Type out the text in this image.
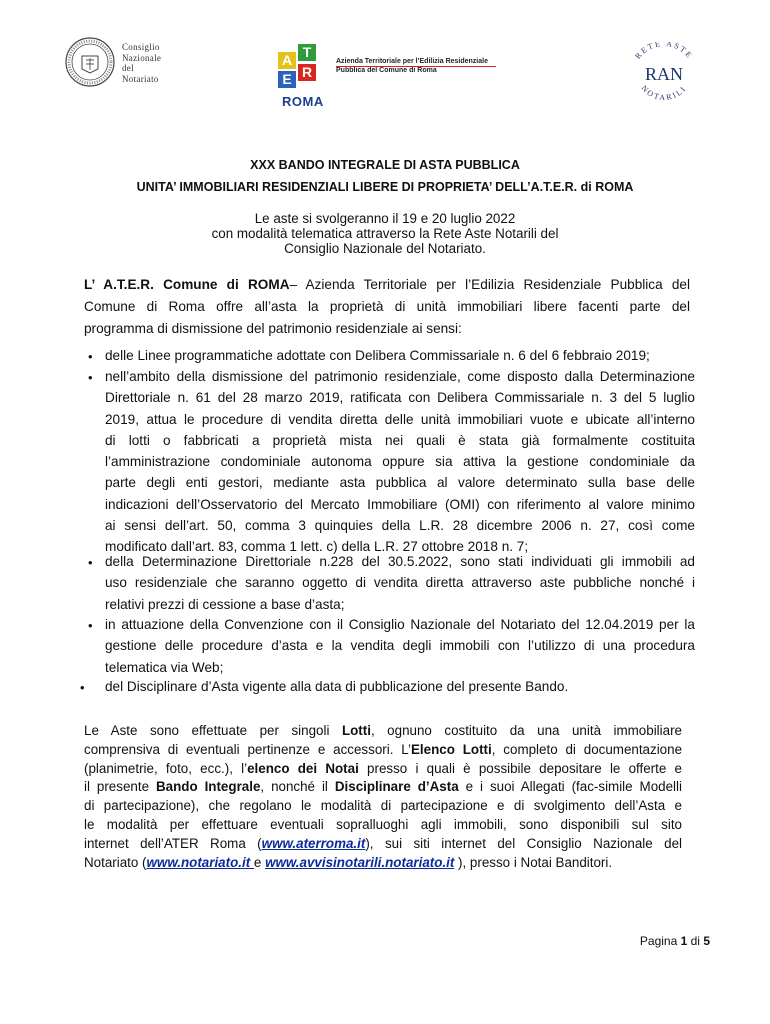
Consiglio
Nazionale
del
Notariato
A T
E R
Azienda Territoriale per l’Edilizia Residenziale
Pubblica del Comune di Roma
ROMA
RETE ASTE
RAN
NOTARILI
XXX BANDO INTEGRALE DI ASTA PUBBLICA
UNITA’ IMMOBILIARI RESIDENZIALI LIBERE DI PROPRIETA’ DELL’A.T.E.R. di ROMA
Le aste si svolgeranno il 19 e 20 luglio 2022
con modalità telematica attraverso la Rete Aste Notarili del
Consiglio Nazionale del Notariato.
L’ A.T.E.R. Comune di ROMA– Azienda Territoriale per l’Edilizia Residenziale Pubblica del
Comune di Roma offre all’asta la proprietà di unità immobiliari libere facenti parte del
programma di dismissione del patrimonio residenziale ai sensi:
• delle Linee programmatiche adottate con Delibera Commissariale n. 6 del 6 febbraio 2019;
• nell’ambito della dismissione del patrimonio residenziale, come disposto dalla Determinazione
Direttoriale n. 61 del 28 marzo 2019, ratificata con Delibera Commissariale n. 3 del 5 luglio
2019, attua le procedure di vendita diretta delle unità immobiliari vuote e ubicate all’interno
di lotti o fabbricati a proprietà mista nei quali è stata già formalmente costituita
l’amministrazione condominiale autonoma oppure sia attiva la gestione condominiale da
parte degli enti gestori, mediante asta pubblica al valore determinato sulla base delle
indicazioni dell’Osservatorio del Mercato Immobiliare (OMI) con riferimento al valore minimo
ai sensi dell’art. 50, comma 3 quinquies della L.R. 28 dicembre 2006 n. 27, così come
modificato dall’art. 83, comma 1 lett. c) della L.R. 27 ottobre 2018 n. 7;
• della Determinazione Direttoriale n.228 del 30.5.2022, sono stati individuati gli immobili ad
uso residenziale che saranno oggetto di vendita diretta attraverso aste pubbliche nonché i
relativi prezzi di cessione a base d’asta;
• in attuazione della Convenzione con il Consiglio Nazionale del Notariato del 12.04.2019 per la
gestione delle procedure d’asta e la vendita degli immobili con l’utilizzo di una procedura
telematica via Web;
• del Disciplinare d’Asta vigente alla data di pubblicazione del presente Bando.
Le Aste sono effettuate per singoli Lotti, ognuno costituito da una unità immobiliare
comprensiva di eventuali pertinenze e accessori. L’Elenco Lotti, completo di documentazione
(planimetrie, foto, ecc.), l’elenco dei Notai presso i quali è possibile depositare le offerte e
il presente Bando Integrale, nonché il Disciplinare d’Asta e i suoi Allegati (fac-simile Modelli
di partecipazione), che regolano le modalità di partecipazione e di svolgimento dell’Asta e
le modalità per effettuare eventuali sopralluoghi agli immobili, sono disponibili sul sito
internet dell’ATER Roma (www.aterroma.it), sui siti internet del Consiglio Nazionale del
Notariato (www.notariato.it e www.avvisinotarili.notariato.it ), presso i Notai Banditori.
Pagina 1 di 5
